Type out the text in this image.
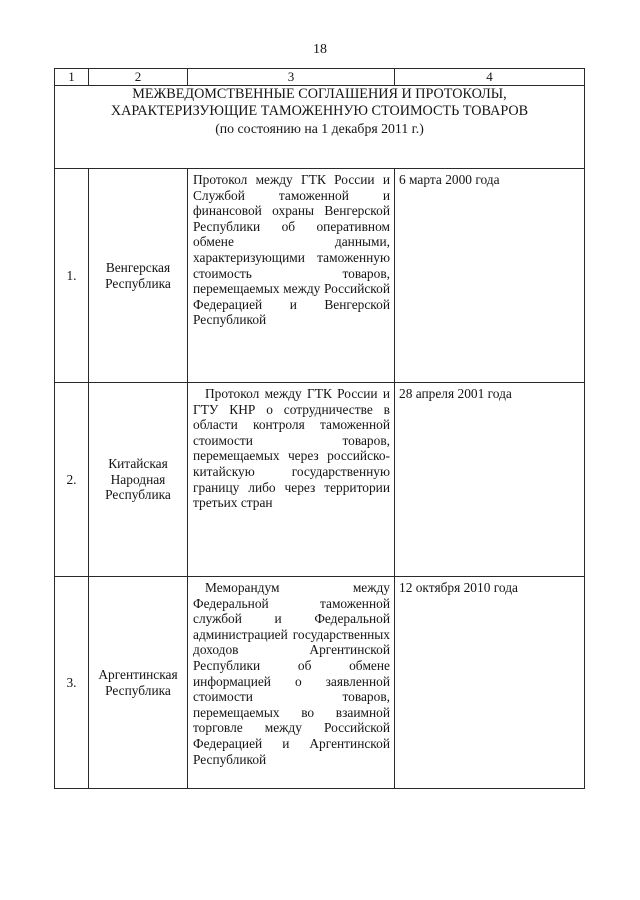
18
1	2	3	4

МЕЖВЕДОМСТВЕННЫЕ СОГЛАШЕНИЯ И ПРОТОКОЛЫ,
ХАРАКТЕРИЗУЮЩИЕ ТАМОЖЕННУЮ СТОИМОСТЬ ТОВАРОВ
(по состоянию на 1 декабря 2011 г.)			

1.	Венгерская Республика	Протокол между ГТК России и Службой таможенной и финансовой охраны Венгерской Республики об оперативном обмене данными, характеризующими таможенную стоимость товаров, перемещаемых между Российской Федерацией и Венгерской Республикой	6 марта 2000 года
2.	Китайская Народная Республика	Протокол между ГТК России и ГТУ КНР о сотрудничестве в области контроля таможенной стоимости товаров, перемещаемых через российско-китайскую государственную границу либо через территории третьих стран	28 апреля 2001 года
3.	Аргентинская Республика	Меморандум между Федеральной таможенной службой и Федеральной администрацией государственных доходов Аргентинской Республики об обмене информацией о заявленной стоимости товаров, перемещаемых во взаимной торговле между Российской Федерацией и Аргентинской Республикой	12 октября 2010 года
